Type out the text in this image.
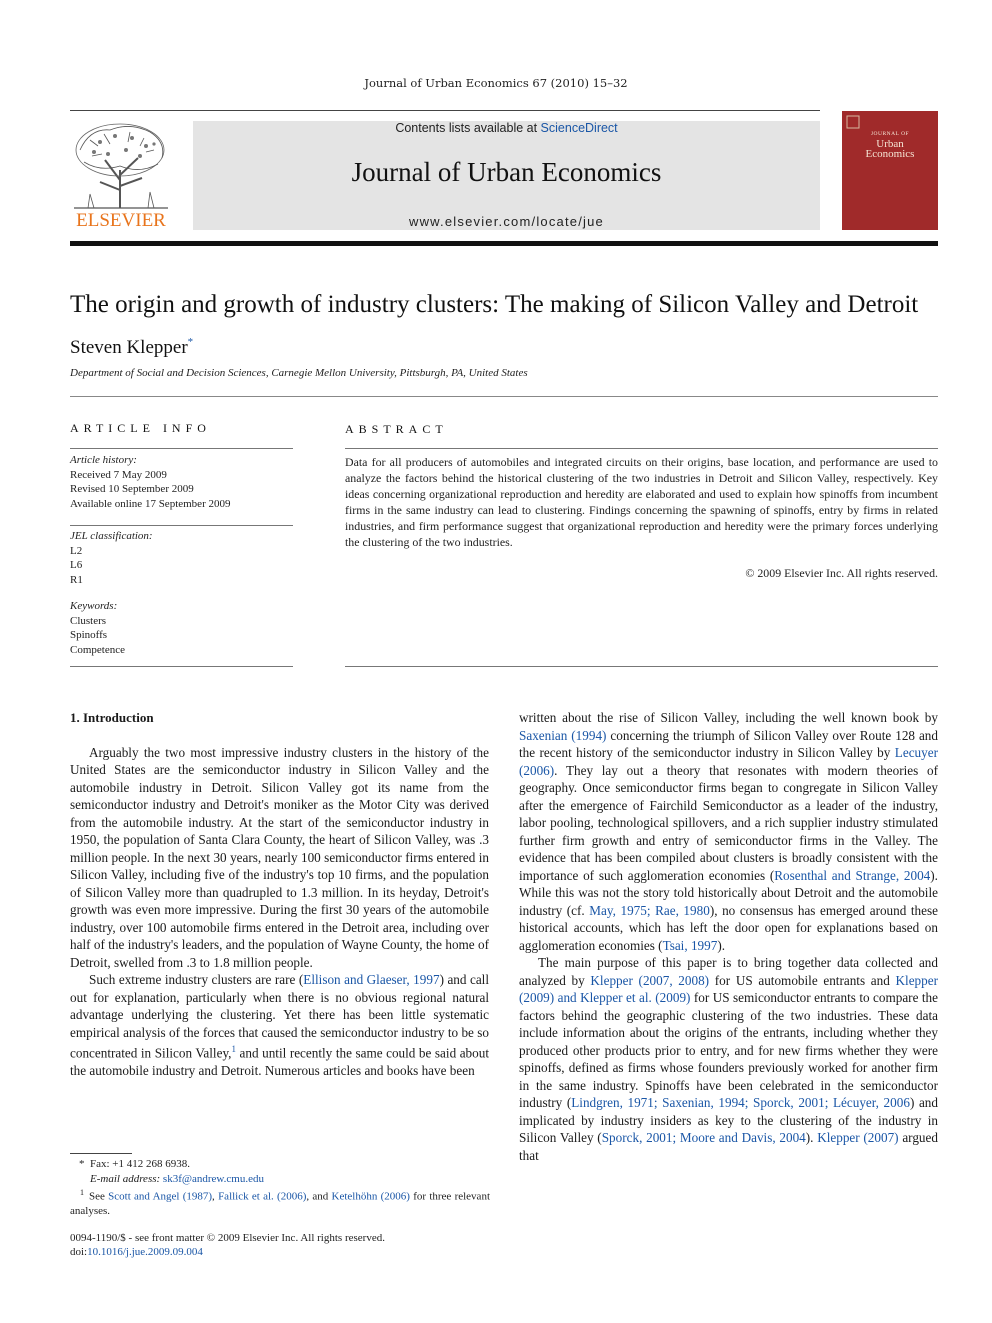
Journal of Urban Economics 67 (2010) 15–32
ELSEVIER
Contents lists available at ScienceDirect
Journal of Urban Economics
www.elsevier.com/locate/jue
JOURNAL OF
Urban
Economics
The origin and growth of industry clusters: The making of Silicon Valley and Detroit
Steven Klepper*
Department of Social and Decision Sciences, Carnegie Mellon University, Pittsburgh, PA, United States
ARTICLE INFO
Article history:
Received 7 May 2009
Revised 10 September 2009
Available online 17 September 2009
JEL classification:
L2
L6
R1
Keywords:
Clusters
Spinoffs
Competence
ABSTRACT
Data for all producers of automobiles and integrated circuits on their origins, base location, and performance are used to analyze the factors behind the historical clustering of the two industries in Detroit and Silicon Valley, respectively. Key ideas concerning organizational reproduction and heredity are elaborated and used to explain how spinoffs from incumbent firms in the same industry can lead to clustering. Findings concerning the spawning of spinoffs, entry by firms in related industries, and firm performance suggest that organizational reproduction and heredity were the primary forces underlying the clustering of the two industries.
© 2009 Elsevier Inc. All rights reserved.

1. Introduction

Arguably the two most impressive industry clusters in the history of the United States are the semiconductor industry in Silicon Valley and the automobile industry in Detroit. Silicon Valley got its name from the semiconductor industry and Detroit's moniker as the Motor City was derived from the automobile industry. At the start of the semiconductor industry in 1950, the population of Santa Clara County, the heart of Silicon Valley, was .3 million people. In the next 30 years, nearly 100 semiconductor firms entered in Silicon Valley, including five of the industry's top 10 firms, and the population of Silicon Valley more than quadrupled to 1.3 million. In its heyday, Detroit's growth was even more impressive. During the first 30 years of the automobile industry, over 100 automobile firms entered in the Detroit area, including over half of the industry's leaders, and the population of Wayne County, the home of Detroit, swelled from .3 to 1.8 million people.

Such extreme industry clusters are rare (Ellison and Glaeser, 1997) and call out for explanation, particularly when there is no obvious regional natural advantage underlying the clustering. Yet there has been little systematic empirical analysis of the forces that caused the semiconductor industry to be so concentrated in Silicon Valley,$^1$ and until recently the same could be said about the automobile industry and Detroit. Numerous articles and books have been

written about the rise of Silicon Valley, including the well known book by Saxenian (1994) concerning the triumph of Silicon Valley over Route 128 and the recent history of the semiconductor industry in Silicon Valley by Lecuyer (2006). They lay out a theory that resonates with modern theories of geography. Once semiconductor firms began to congregate in Silicon Valley after the emergence of Fairchild Semiconductor as a leader of the industry, labor pooling, technological spillovers, and a rich supplier industry stimulated further firm growth and entry of semiconductor firms in the Valley. The evidence that has been compiled about clusters is broadly consistent with the importance of such agglomeration economies (Rosenthal and Strange, 2004). While this was not the story told historically about Detroit and the automobile industry (cf. May, 1975; Rae, 1980), no consensus has emerged around these historical accounts, which has left the door open for explanations based on agglomeration economies (Tsai, 1997).

The main purpose of this paper is to bring together data collected and analyzed by Klepper (2007, 2008) for US automobile entrants and Klepper (2009) and Klepper et al. (2009) for US semiconductor entrants to compare the factors behind the geographic clustering of the two industries. These data include information about the origins of the entrants, including whether they produced other products prior to entry, and for new firms whether they were spinoffs, defined as firms whose founders previously worked for another firm in the same industry. Spinoffs have been celebrated in the semiconductor industry (Lindgren, 1971; Saxenian, 1994; Sporck, 2001; Lécuyer, 2006) and implicated by industry insiders as key to the clustering of the industry in Silicon Valley (Sporck, 2001; Moore and Davis, 2004). Klepper (2007) argued that

* Fax: +1 412 268 6938.
E-mail address: sk3f@andrew.cmu.edu
$^1$ See Scott and Angel (1987), Fallick et al. (2006), and Ketelhöhn (2006) for three relevant analyses.
0094-1190/$ - see front matter © 2009 Elsevier Inc. All rights reserved.
doi:10.1016/j.jue.2009.09.004
